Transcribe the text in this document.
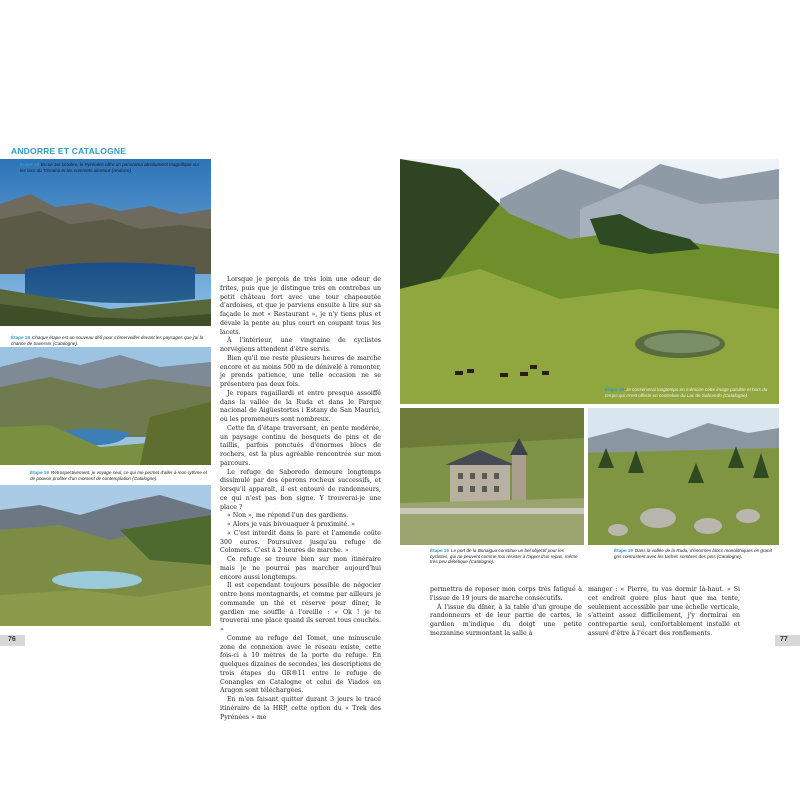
ANDORRE ET CATALOGNE
Étape 18 En ce 1er octobre, le Pyrénées offre un panorama absolument magnifique sur les lacs du Tristaina et les sommets alentour (Andorre).
Étape 18 Chaque étape est un nouveau défi pour s'émerveiller devant les paysages que j'ai la chance de traverser (Catalogne).
Étape 19 Rétrospectivement, je voyage seul, ce qui me permet d'aller à mon rythme et de pouvoir profiter d'un moment de contemplation (Catalogne).

Lorsque je perçois de très loin une odeur de frites, puis que je distingue très en contrebas un petit château fort avec une tour chapeautée d'ardoises, et que je parviens ensuite à lire sur sa façade le mot « Restaurant », je n'y tiens plus et dévale la pente au plus court en coupant tous les lacets.

À l'intérieur, une vingtaine de cyclistes norvégiens attendent d'être servis.

Bien qu'il me reste plusieurs heures de marche encore et au moins 500 m de dénivelé à remonter, je prends patience, une telle occasion ne se présentera pas deux fois.

Je repars ragaillardi et entre presque assoiffé dans la vallée de la Ruda et dans le Parque nacional de Aigüestortes i Estany de San Maurici, où les promeneurs sont nombreux.

Cette fin d'étape traversant, en pente modérée, un paysage continu de bosquets de pins et de taillis, parfois ponctués d'énormes blocs de rochers, est la plus agréable rencontrée sur mon parcours.

Le refuge de Saboredo demeure longtemps dissimulé par des éperons rocheux successifs, et lorsqu'il apparaît, il est entouré de randonneurs, ce qui n'est pas bon signe. Y trouverai-je une place ?

« Non », me répond l'un des gardiens.

« Alors je vais bivouaquer à proximité. »

« C'est interdit dans le parc et l'amende coûte 300 euros. Poursuivez jusqu'au refuge de Colomers. C'est à 2 heures de marche. »

Ce refuge se trouve bien sur mon itinéraire mais je ne pourrai pas marcher aujourd'hui encore aussi longtemps.

Il est cependant toujours possible de négocier entre bons montagnards, et comme par ailleurs je commande un thé et réserve pour dîner, le gardien me souffle à l'oreille : « Ok ! je te trouverai une place quand ils seront tous couchés. »

Comme au refuge del Tomet, une minuscule zone de connexion avec le réseau existe, cette fois-ci à 10 mètres de la porte du refuge. En quelques dizaines de secondes, les descriptions de trois étapes du GR®11 entre le refuge de Conangles en Catalogne et celui de Viados en Aragon sont téléchargées.

En m'en faisant quitter durant 3 jours le tracé itinéraire de la HRP, cette option du « Trek des Pyrénées » me

76
Étape 19 Je conserverai longtemps en mémoire cette image paisible et hors du temps qui m'est offerte en contrebas du Lac de Saboredo (Catalogne).
Étape 19 Le port de la Bonaigua constitue un bel objectif pour les cyclistes, qui ne peuvent comme moi résister à l'appel d'un repas, même très peu diététique (Catalogne).
Étape 19 Dans la vallée de la Ruda, d'énormes blocs monolithiques en granit gris contrastent avec les taches sombres des pins (Catalogne).

permettra de reposer mon corps très fatigué à l'issue de 19 jours de marche consécutifs.

À l'issue du dîner, à la table d'un groupe de randonneurs et de leur partie de cartes, le gardien m'indique du doigt une petite mezzanine surmontant la salle à

manger : « Pierre, tu vas dormir là-haut. » Si cet endroit guère plus haut que ma tente, seulement accessible par une échelle verticale, s'atteint assez difficilement, j'y dormirai en contrepartie seul, confortablement installé et assuré d'être à l'écart des ronflements.

77
